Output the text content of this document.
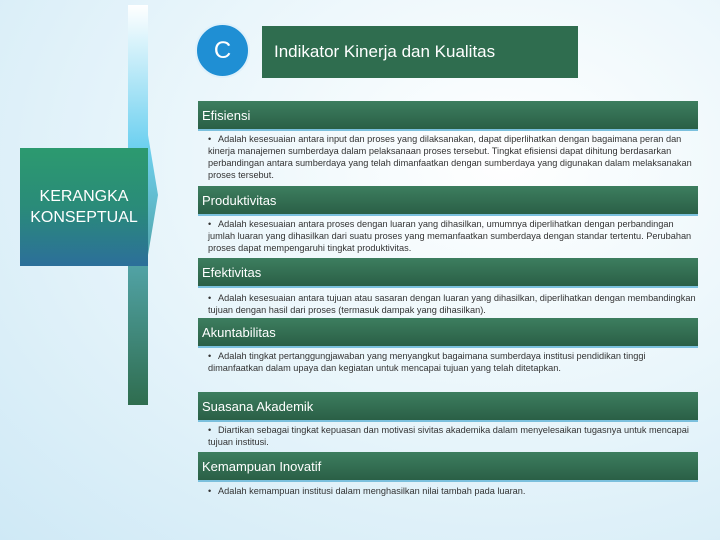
C	Indikator Kinerja dan Kualitas
KERANGKA
KONSEPTUAL
Efisiensi
• Adalah kesesuaian antara input dan proses yang dilaksanakan, dapat diperlihatkan dengan bagaimana peran dan kinerja manajemen sumberdaya dalam pelaksanaan proses tersebut. Tingkat efisiensi dapat dihitung berdasarkan perbandingan antara sumberdaya yang telah dimanfaatkan dengan sumberdaya yang digunakan dalam melaksanakan proses tersebut.
Produktivitas
• Adalah kesesuaian antara proses dengan luaran yang dihasilkan, umumnya diperlihatkan dengan perbandingan jumlah luaran yang dihasilkan dari suatu proses yang memanfaatkan sumberdaya dengan standar tertentu. Perubahan proses dapat mempengaruhi tingkat produktivitas.
Efektivitas
• Adalah kesesuaian antara tujuan atau sasaran dengan luaran yang dihasilkan, diperlihatkan dengan membandingkan tujuan dengan hasil dari proses (termasuk dampak yang dihasilkan).
Akuntabilitas
• Adalah tingkat pertanggungjawaban yang menyangkut bagaimana sumberdaya institusi pendidikan tinggi dimanfaatkan dalam upaya dan kegiatan untuk mencapai tujuan yang telah ditetapkan.
Suasana Akademik
• Diartikan sebagai tingkat kepuasan dan motivasi sivitas akademika dalam menyelesaikan tugasnya untuk mencapai tujuan institusi.
Kemampuan Inovatif
• Adalah kemampuan institusi dalam menghasilkan nilai tambah pada luaran.
